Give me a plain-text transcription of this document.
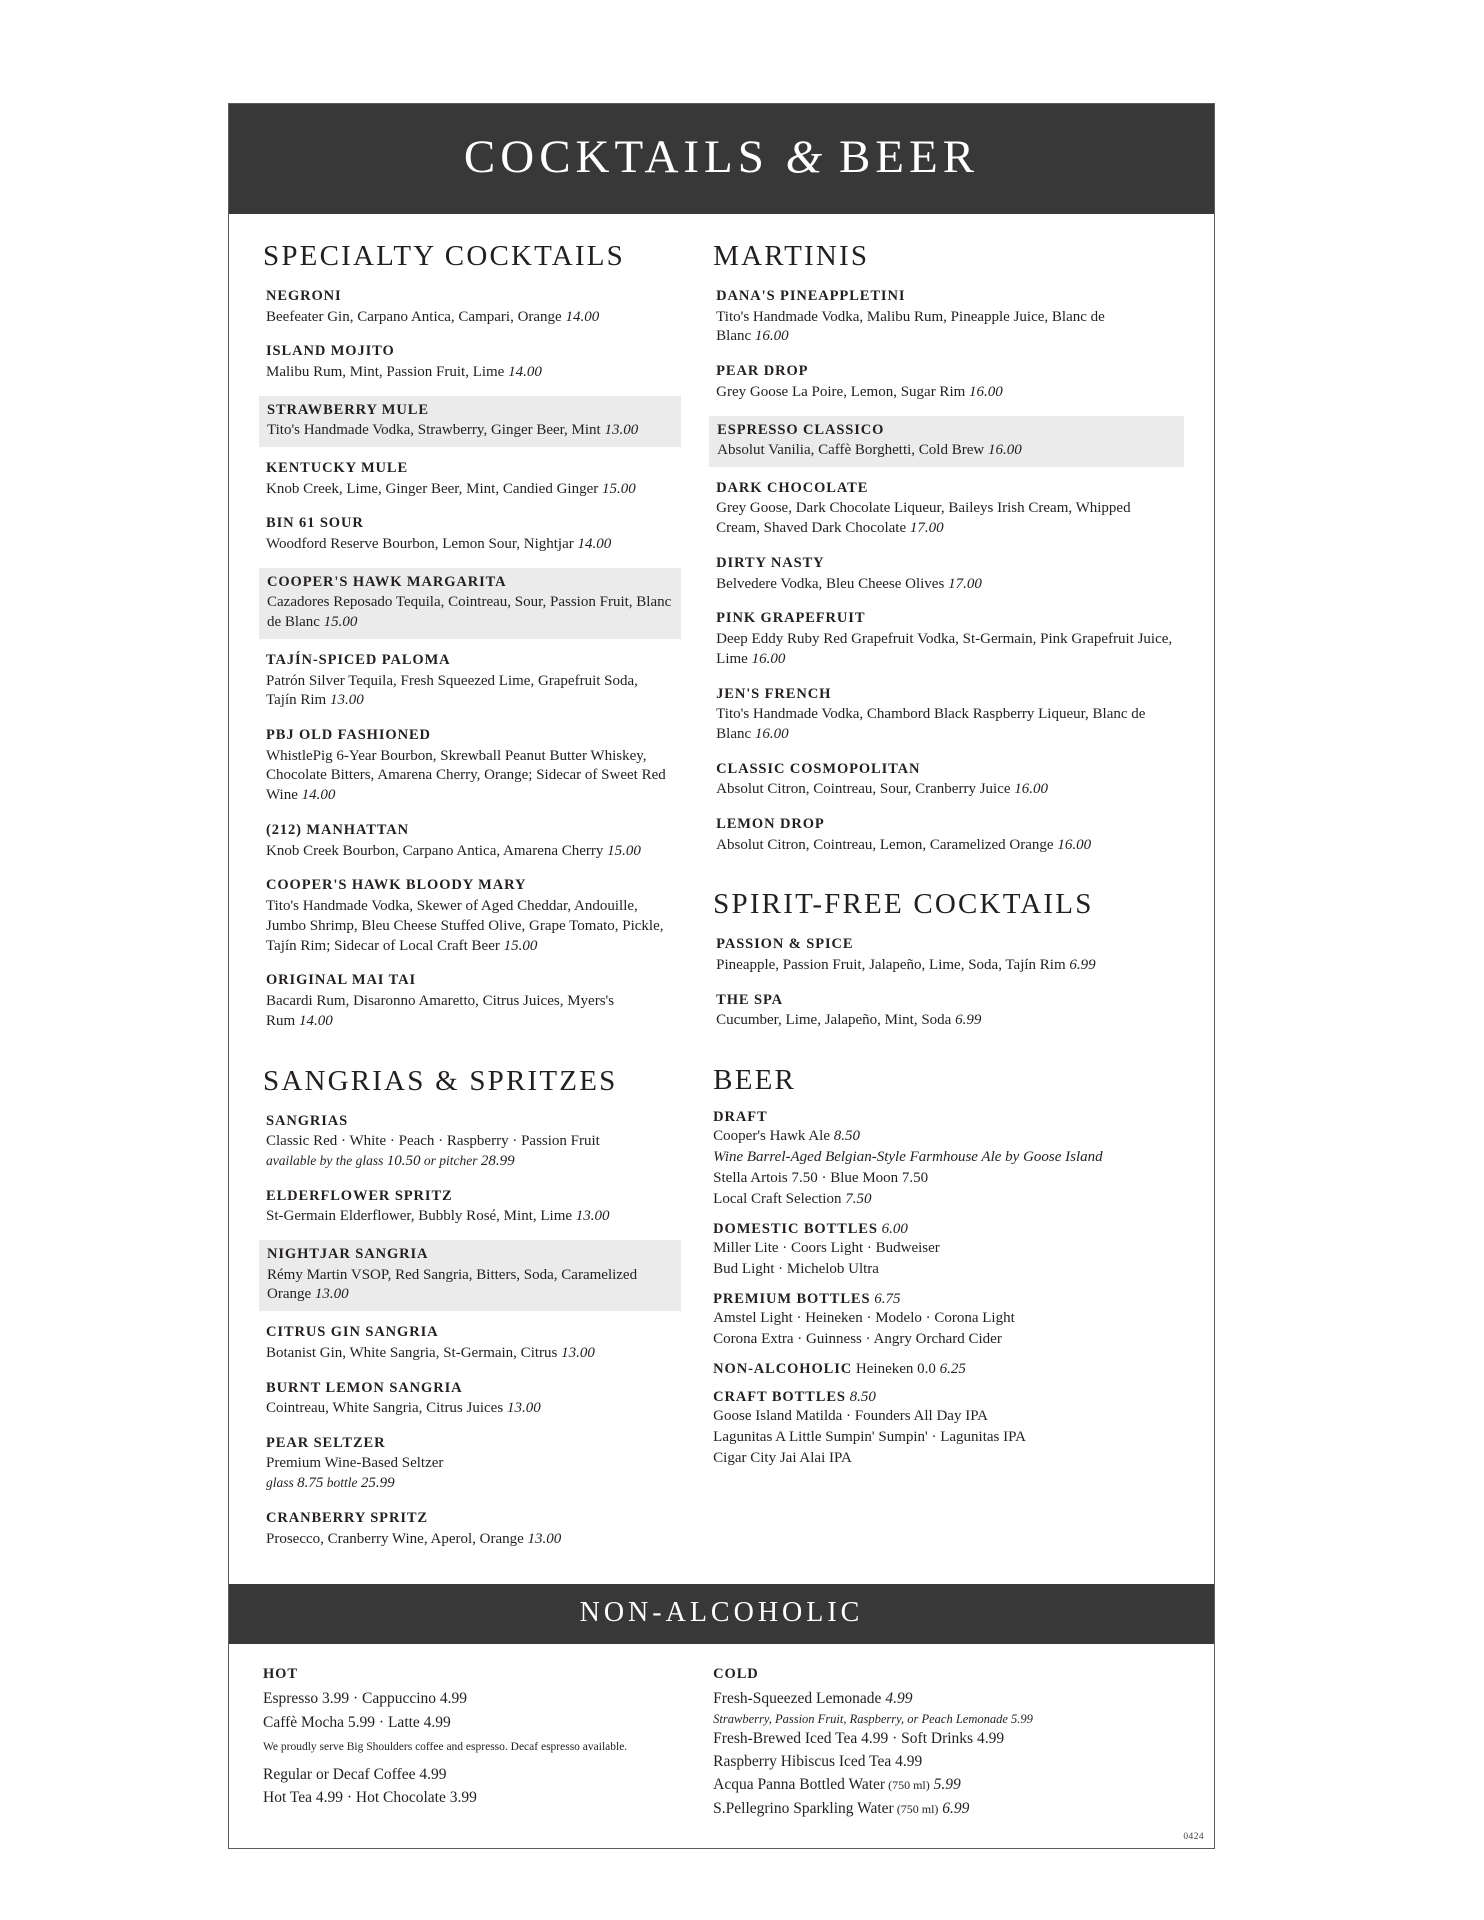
COCKTAILS & BEER
SPECIALTY COCKTAILS
NEGRONI
Beefeater Gin, Carpano Antica, Campari, Orange 14.00
ISLAND MOJITO
Malibu Rum, Mint, Passion Fruit, Lime 14.00
STRAWBERRY MULE
Tito's Handmade Vodka, Strawberry, Ginger Beer, Mint 13.00
KENTUCKY MULE
Knob Creek, Lime, Ginger Beer, Mint, Candied Ginger 15.00
BIN 61 SOUR
Woodford Reserve Bourbon, Lemon Sour, Nightjar 14.00
COOPER'S HAWK MARGARITA
Cazadores Reposado Tequila, Cointreau, Sour, Passion Fruit, Blanc de Blanc 15.00
TAJÍN-SPICED PALOMA
Patrón Silver Tequila, Fresh Squeezed Lime, Grapefruit Soda, Tajín Rim 13.00
PBJ OLD FASHIONED
WhistlePig 6-Year Bourbon, Skrewball Peanut Butter Whiskey, Chocolate Bitters, Amarena Cherry, Orange; Sidecar of Sweet Red Wine 14.00
(212) MANHATTAN
Knob Creek Bourbon, Carpano Antica, Amarena Cherry 15.00
COOPER'S HAWK BLOODY MARY
Tito's Handmade Vodka, Skewer of Aged Cheddar, Andouille, Jumbo Shrimp, Bleu Cheese Stuffed Olive, Grape Tomato, Pickle, Tajín Rim; Sidecar of Local Craft Beer 15.00
ORIGINAL MAI TAI
Bacardi Rum, Disaronno Amaretto, Citrus Juices, Myers's Rum 14.00
SANGRIAS & SPRITZES
SANGRIAS
Classic Red · White · Peach · Raspberry · Passion Fruit
available by the glass 10.50 or pitcher 28.99
ELDERFLOWER SPRITZ
St-Germain Elderflower, Bubbly Rosé, Mint, Lime 13.00
NIGHTJAR SANGRIA
Rémy Martin VSOP, Red Sangria, Bitters, Soda, Caramelized Orange 13.00
CITRUS GIN SANGRIA
Botanist Gin, White Sangria, St-Germain, Citrus 13.00
BURNT LEMON SANGRIA
Cointreau, White Sangria, Citrus Juices 13.00
PEAR SELTZER
Premium Wine-Based Seltzer
glass 8.75 bottle 25.99
CRANBERRY SPRITZ
Prosecco, Cranberry Wine, Aperol, Orange 13.00
MARTINIS
DANA'S PINEAPPLETINI
Tito's Handmade Vodka, Malibu Rum, Pineapple Juice, Blanc de Blanc 16.00
PEAR DROP
Grey Goose La Poire, Lemon, Sugar Rim 16.00
ESPRESSO CLASSICO
Absolut Vanilia, Caffè Borghetti, Cold Brew 16.00
DARK CHOCOLATE
Grey Goose, Dark Chocolate Liqueur, Baileys Irish Cream, Whipped Cream, Shaved Dark Chocolate 17.00
DIRTY NASTY
Belvedere Vodka, Bleu Cheese Olives 17.00
PINK GRAPEFRUIT
Deep Eddy Ruby Red Grapefruit Vodka, St-Germain, Pink Grapefruit Juice, Lime 16.00
JEN'S FRENCH
Tito's Handmade Vodka, Chambord Black Raspberry Liqueur, Blanc de Blanc 16.00
CLASSIC COSMOPOLITAN
Absolut Citron, Cointreau, Sour, Cranberry Juice 16.00
LEMON DROP
Absolut Citron, Cointreau, Lemon, Caramelized Orange 16.00
SPIRIT-FREE COCKTAILS
PASSION & SPICE
Pineapple, Passion Fruit, Jalapeño, Lime, Soda, Tajín Rim 6.99
THE SPA
Cucumber, Lime, Jalapeño, Mint, Soda 6.99
BEER
DRAFT
Cooper's Hawk Ale 8.50
Wine Barrel-Aged Belgian-Style Farmhouse Ale by Goose Island
Stella Artois 7.50 · Blue Moon 7.50
Local Craft Selection 7.50
DOMESTIC BOTTLES 6.00
Miller Lite · Coors Light · Budweiser
Bud Light · Michelob Ultra
PREMIUM BOTTLES 6.75
Amstel Light · Heineken · Modelo · Corona Light
Corona Extra · Guinness · Angry Orchard Cider
NON-ALCOHOLIC Heineken 0.0 6.25
CRAFT BOTTLES 8.50
Goose Island Matilda · Founders All Day IPA
Lagunitas A Little Sumpin' Sumpin' · Lagunitas IPA
Cigar City Jai Alai IPA
NON-ALCOHOLIC
HOT
Espresso 3.99 · Cappuccino 4.99
Caffè Mocha 5.99 · Latte 4.99
We proudly serve Big Shoulders coffee and espresso. Decaf espresso available.
Regular or Decaf Coffee 4.99
Hot Tea 4.99 · Hot Chocolate 3.99
COLD
Fresh-Squeezed Lemonade 4.99
Strawberry, Passion Fruit, Raspberry, or Peach Lemonade 5.99
Fresh-Brewed Iced Tea 4.99 · Soft Drinks 4.99
Raspberry Hibiscus Iced Tea 4.99
Acqua Panna Bottled Water (750 ml) 5.99
S.Pellegrino Sparkling Water (750 ml) 6.99
0424
